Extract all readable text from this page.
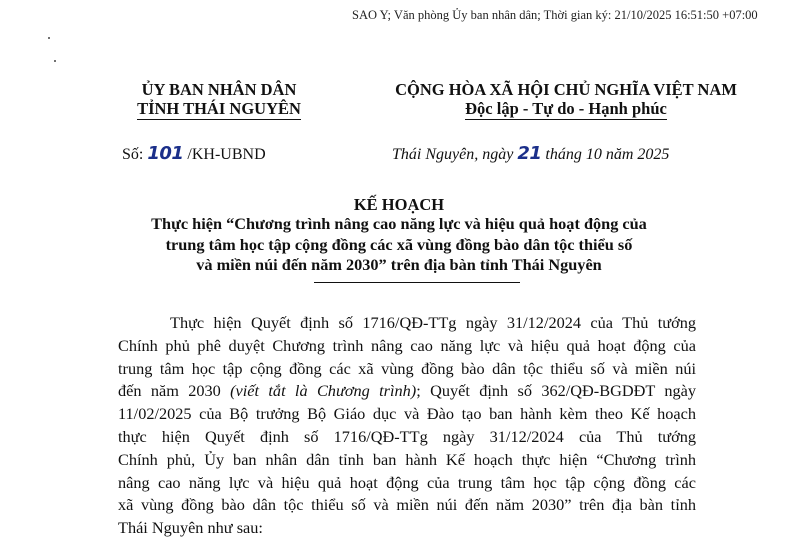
SAO Y; Văn phòng Ủy ban nhân dân; Thời gian ký: 21/10/2025 16:51:50 +07:00
ỦY BAN NHÂN DÂN
TỈNH THÁI NGUYÊN
CỘNG HÒA XÃ HỘI CHỦ NGHĨA VIỆT NAM
Độc lập - Tự do - Hạnh phúc
Số: 101 /KH-UBND	Thái Nguyên, ngày 21 tháng 10 năm 2025
KẾ HOẠCH
Thực hiện “Chương trình nâng cao năng lực và hiệu quả hoạt động của
trung tâm học tập cộng đồng các xã vùng đồng bào dân tộc thiểu số
và miền núi đến năm 2030” trên địa bàn tỉnh Thái Nguyên
Thực hiện Quyết định số 1716/QĐ-TTg ngày 31/12/2024 của Thủ tướng
Chính phủ phê duyệt Chương trình nâng cao năng lực và hiệu quả hoạt động của
trung tâm học tập cộng đồng các xã vùng đồng bào dân tộc thiểu số và miền núi
đến năm 2030 (viết tắt là Chương trình); Quyết định số 362/QĐ-BGDĐT ngày
11/02/2025 của Bộ trưởng Bộ Giáo dục và Đào tạo ban hành kèm theo Kế hoạch
thực hiện Quyết định số 1716/QĐ-TTg ngày 31/12/2024 của Thủ tướng
Chính phủ, Ủy ban nhân dân tỉnh ban hành Kế hoạch thực hiện “Chương trình
nâng cao năng lực và hiệu quả hoạt động của trung tâm học tập cộng đồng các
xã vùng đồng bào dân tộc thiểu số và miền núi đến năm 2030” trên địa bàn tỉnh
Thái Nguyên như sau:
